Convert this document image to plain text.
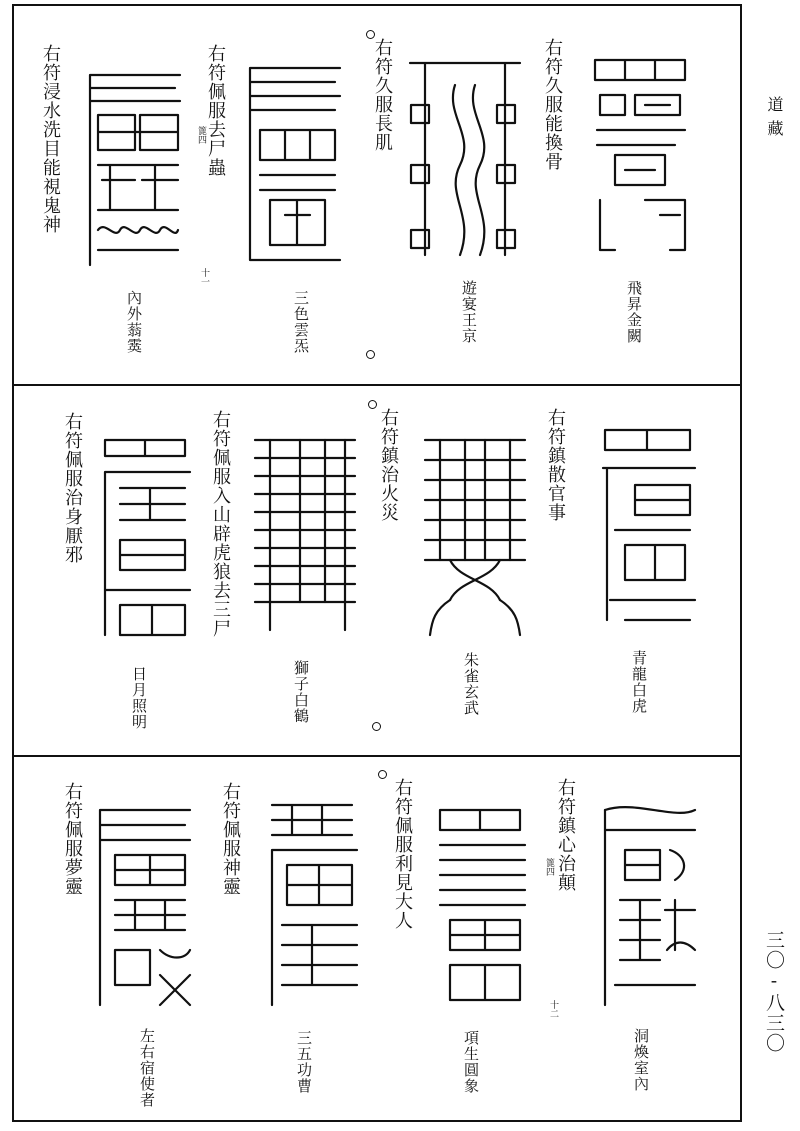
道藏
三〇-八三〇
右符久服能換骨
飛昇金闕
右符久服長肌
遊宴王京
右符佩服去尸蟲
篦四
十一
三色雲炁
右符浸水洗目能視鬼神
內外蓊霙
右符鎮散官事
青龍白虎
右符鎮治火災
朱雀玄武
右符佩服入山辟虎狼去三尸
獅子白鶴
右符佩服治身厭邪
日月照明
右符鎮心治顛
篦四
洞煥室內
右符佩服利見大人
十二
項生圓象
右符佩服神靈
三五功曹
右符佩服夢靈
左右宿使者
